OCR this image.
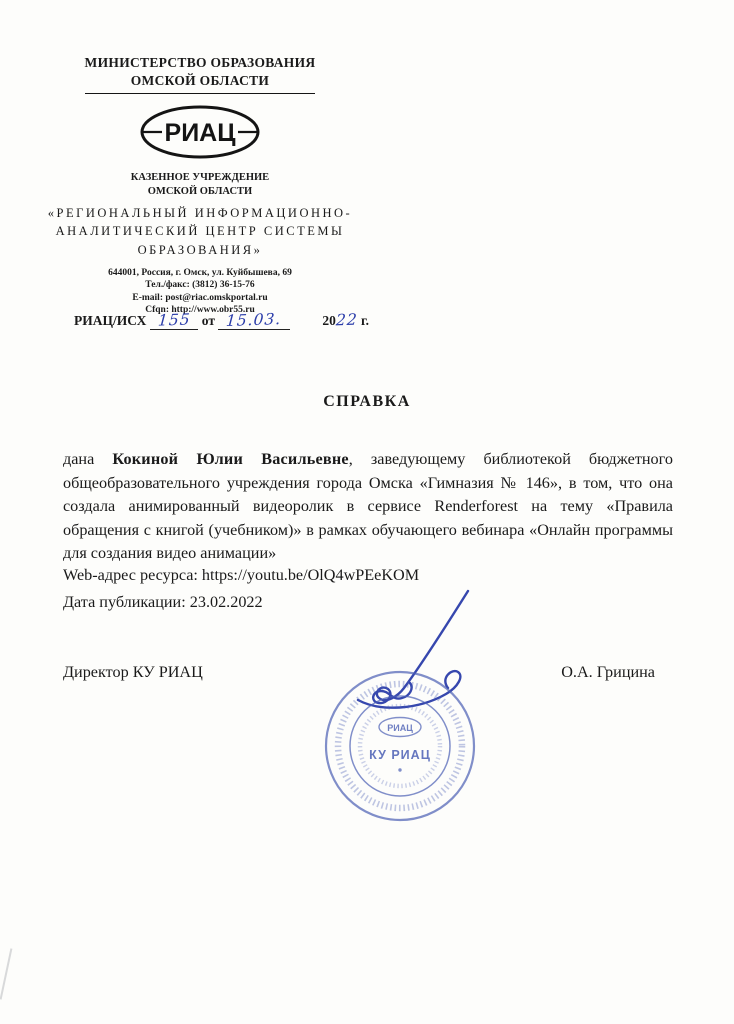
МИНИСТЕРСТВО ОБРАЗОВАНИЯ
ОМСКОЙ ОБЛАСТИ
РИАЦ
КАЗЕННОЕ УЧРЕЖДЕНИЕ
ОМСКОЙ ОБЛАСТИ
«РЕГИОНАЛЬНЫЙ ИНФОРМАЦИОННО-
АНАЛИТИЧЕСКИЙ ЦЕНТР СИСТЕМЫ
ОБРАЗОВАНИЯ»
644001, Россия, г. Омск, ул. Куйбышева, 69
Тел./факс: (3812) 36-15-76
E-mail: post@riac.omskportal.ru
Cfqn: http://www.obr55.ru
РИАЦ/ИСХ 155 от 15.03.	2022 г.
СПРАВКА

дана Кокиной Юлии Васильевне, заведующему библиотекой бюджетного общеобразовательного учреждения города Омска «Гимназия № 146», в том, что она создала анимированный видеоролик в сервисе Renderforest на тему «Правила обращения с книгой (учебником)» в рамках обучающего вебинара «Онлайн программы для создания видео анимации»

Web-адрес ресурса: https://youtu.be/OlQ4wPEeKOM
Дата публикации: 23.02.2022
Директор КУ РИАЦ	О.А. Грицина
РИАЦ
КУ РИАЦ
